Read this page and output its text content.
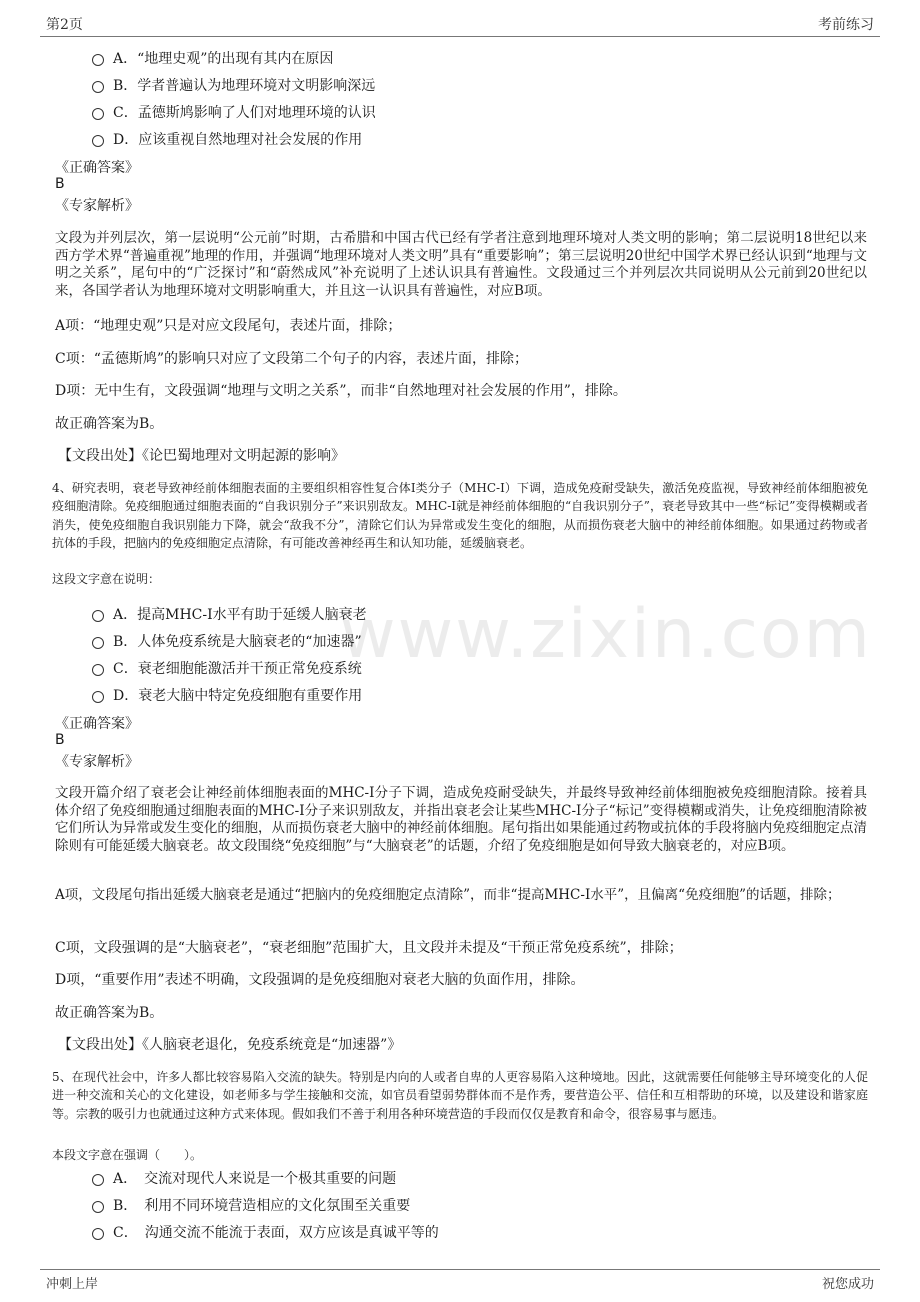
第2页	考前练习
www.zixin.com
A．“地理史观”的出现有其内在原因
B．学者普遍认为地理环境对文明影响深远
C．孟德斯鸠影响了人们对地理环境的认识
D．应该重视自然地理对社会发展的作用
《正确答案》
B
《专家解析》
文段为并列层次，第一层说明“公元前”时期，古希腊和中国古代已经有学者注意到地理环境对人类文明的影响；第二层说明18世纪以来西方学术界“普遍重视”地理的作用，并强调“地理环境对人类文明”具有“重要影响”；第三层说明20世纪中国学术界已经认识到“地理与文明之关系”，尾句中的“广泛探讨”和“蔚然成风”补充说明了上述认识具有普遍性。文段通过三个并列层次共同说明从公元前到20世纪以来，各国学者认为地理环境对文明影响重大，并且这一认识具有普遍性，对应B项。
A项：“地理史观”只是对应文段尾句，表述片面，排除；
C项：“孟德斯鸠”的影响只对应了文段第二个句子的内容，表述片面，排除；
D项：无中生有，文段强调“地理与文明之关系”，而非“自然地理对社会发展的作用”，排除。
故正确答案为B。
【文段出处】《论巴蜀地理对文明起源的影响》
4、研究表明，衰老导致神经前体细胞表面的主要组织相容性复合体I类分子（MHC-I）下调，造成免疫耐受缺失，激活免疫监视，导致神经前体细胞被免疫细胞清除。免疫细胞通过细胞表面的“自我识别分子”来识别敌友。MHC-I就是神经前体细胞的“自我识别分子”，衰老导致其中一些“标记”变得模糊或者消失，使免疫细胞自我识别能力下降，就会“敌我不分”，清除它们认为异常或发生变化的细胞，从而损伤衰老大脑中的神经前体细胞。如果通过药物或者抗体的手段，把脑内的免疫细胞定点清除，有可能改善神经再生和认知功能，延缓脑衰老。
这段文字意在说明：
A．提高MHC-I水平有助于延缓人脑衰老
B．人体免疫系统是大脑衰老的“加速器”
C．衰老细胞能激活并干预正常免疫系统
D．衰老大脑中特定免疫细胞有重要作用
《正确答案》
B
《专家解析》
文段开篇介绍了衰老会让神经前体细胞表面的MHC-I分子下调，造成免疫耐受缺失，并最终导致神经前体细胞被免疫细胞清除。接着具体介绍了免疫细胞通过细胞表面的MHC-I分子来识别敌友，并指出衰老会让某些MHC-I分子“标记”变得模糊或消失，让免疫细胞清除被它们所认为异常或发生变化的细胞，从而损伤衰老大脑中的神经前体细胞。尾句指出如果能通过药物或抗体的手段将脑内免疫细胞定点清除则有可能延缓大脑衰老。故文段围绕“免疫细胞”与“大脑衰老”的话题，介绍了免疫细胞是如何导致大脑衰老的，对应B项。
A项，文段尾句指出延缓大脑衰老是通过“把脑内的免疫细胞定点清除”，而非“提高MHC-I水平”，且偏离“免疫细胞”的话题，排除；
C项，文段强调的是“大脑衰老”，“衰老细胞”范围扩大，且文段并未提及“干预正常免疫系统”，排除；
D项，“重要作用”表述不明确，文段强调的是免疫细胞对衰老大脑的负面作用，排除。
故正确答案为B。
【文段出处】《人脑衰老退化，免疫系统竟是“加速器”》
5、在现代社会中，许多人都比较容易陷入交流的缺失。特别是内向的人或者自卑的人更容易陷入这种境地。因此，这就需要任何能够主导环境变化的人促进一种交流和关心的文化建设，如老师多与学生接触和交流，如官员看望弱势群体而不是作秀，要营造公平、信任和互相帮助的环境，以及建设和谐家庭等。宗教的吸引力也就通过这种方式来体现。假如我们不善于利用各种环境营造的手段而仅仅是教育和命令，很容易事与愿违。
本段文字意在强调（　　）。
A．　交流对现代人来说是一个极其重要的问题
B．　利用不同环境营造相应的文化氛围至关重要
C．　沟通交流不能流于表面，双方应该是真诚平等的
冲刺上岸	祝您成功
